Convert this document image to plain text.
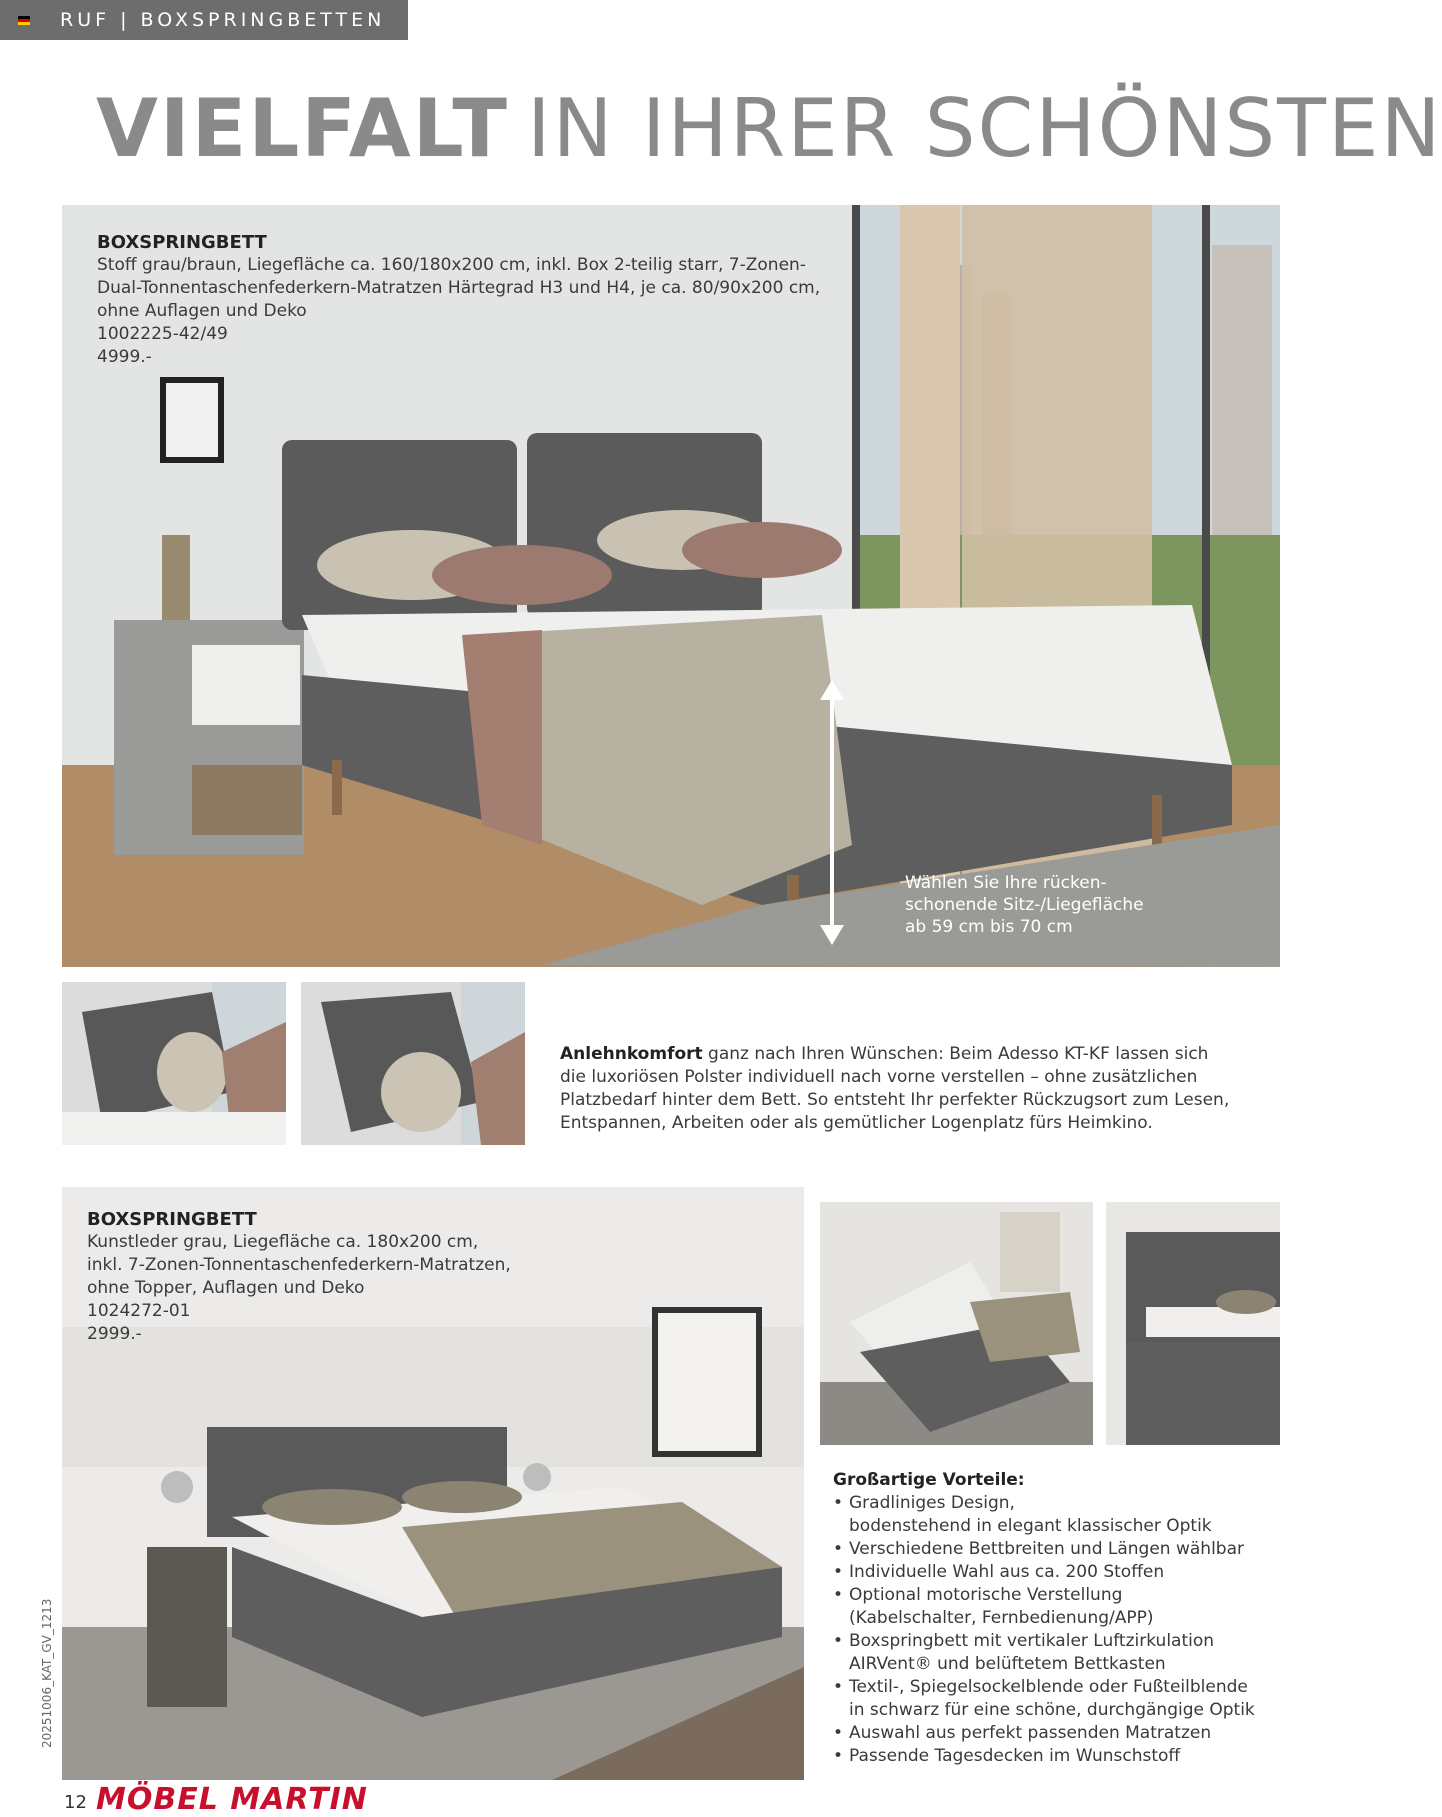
RUF | BOXSPRINGBETTEN
VIELFALT IN IHRER SCHÖNSTEN
BOXSPRINGBETT
Stoff grau/braun, Liegefläche ca. 160/180x200 cm, inkl. Box 2-teilig starr, 7-Zonen-
Dual-Tonnentaschenfederkern-Matratzen Härtegrad H3 und H4, je ca. 80/90x200 cm,
ohne Auflagen und Deko
1002225-42/49
4999.-
Wählen Sie Ihre rücken-
schonende Sitz-/Liegefläche
ab 59 cm bis 70 cm
Anlehnkomfort ganz nach Ihren Wünschen: Beim Adesso KT-KF lassen sich
die luxoriösen Polster individuell nach vorne verstellen – ohne zusätzlichen
Platzbedarf hinter dem Bett. So entsteht Ihr perfekter Rückzugsort zum Lesen,
Entspannen, Arbeiten oder als gemütlicher Logenplatz fürs Heimkino.
BOXSPRINGBETT
Kunstleder grau, Liegefläche ca. 180x200 cm,
inkl. 7-Zonen-Tonnentaschenfederkern-Matratzen,
ohne Topper, Auflagen und Deko
1024272-01
2999.-
Großartige Vorteile:
• Gradliniges Design,
bodenstehend in elegant klassischer Optik
• Verschiedene Bettbreiten und Längen wählbar
• Individuelle Wahl aus ca. 200 Stoffen
• Optional motorische Verstellung
(Kabelschalter, Fernbedienung/APP)
• Boxspringbett mit vertikaler Luftzirkulation
AIRVent® und belüftetem Bettkasten
• Textil-, Spiegelsockelblende oder Fußteilblende
in schwarz für eine schöne, durchgängige Optik
• Auswahl aus perfekt passenden Matratzen
• Passende Tagesdecken im Wunschstoff
20251006_KAT_GV_1213
12 MÖBEL MARTIN
